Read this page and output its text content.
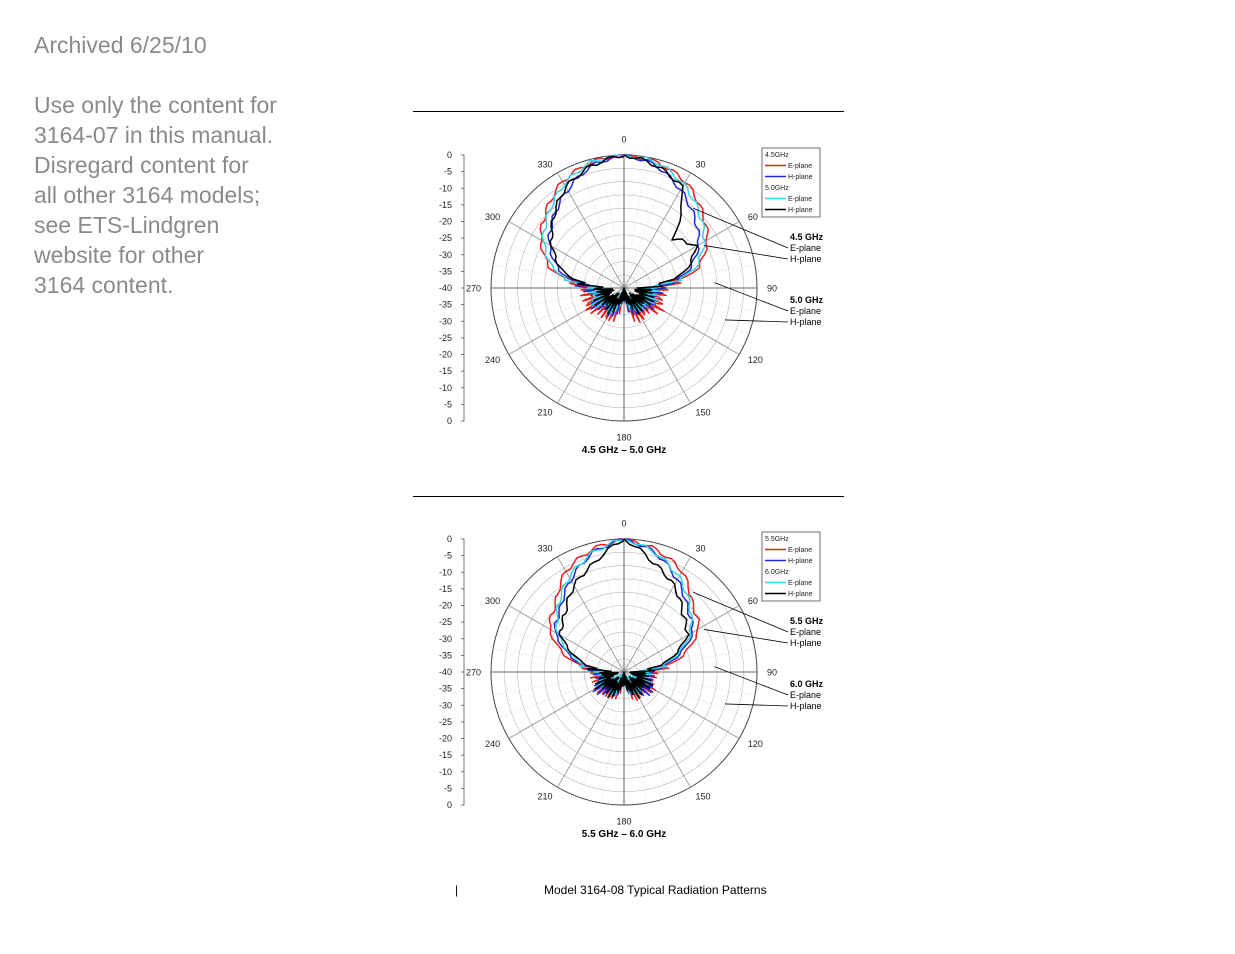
Archived 6/25/10
Use only the content for
3164-07 in this manual.
Disregard content for
all other 3164 models;
see ETS-Lindgren
website for other
3164 content.
0
30
60
90
120
150
180
210
240
270
300
330
0
-5
-10
-15
-20
-25
-30
-35
-40
-35
-30
-25
-20
-15
-10
-5
0
4.5GHz
E-plane
H-plane
5.0GHz
E-plane
H-plane
4.5 GHz
E-plane
H-plane
5.0 GHz
E-plane
H-plane
4.5 GHz – 5.0 GHz
0
30
60
90
120
150
180
210
240
270
300
330
0
-5
-10
-15
-20
-25
-30
-35
-40
-35
-30
-25
-20
-15
-10
-5
0
5.5GHz
E-plane
H-plane
6.0GHz
E-plane
H-plane
5.5 GHz
E-plane
H-plane
6.0 GHz
E-plane
H-plane
5.5 GHz – 6.0 GHz
|	Model 3164-08 Typical Radiation Patterns
